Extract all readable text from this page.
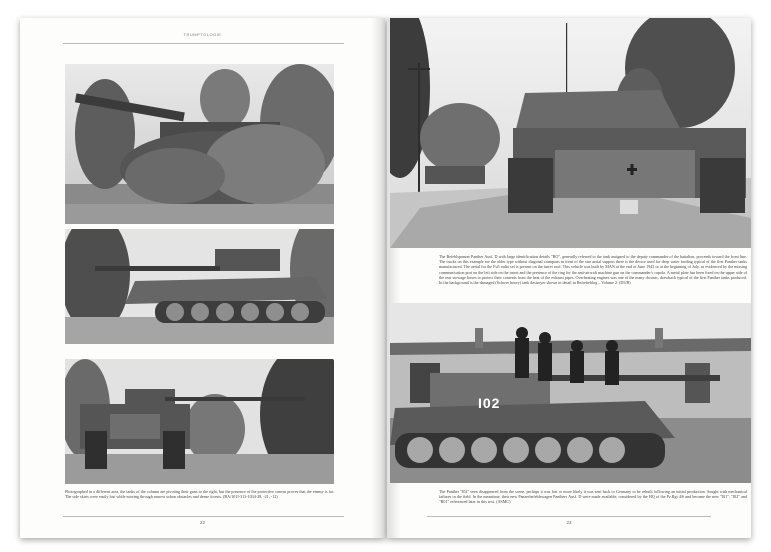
TRUMPTOLOGIE
Photographed in a different area, the tanks of the column are pivoting their guns to the right, but the presence of the protective canvas proves that the enemy is far. The side skirts were easily lost while moving through narrow urban obstacles and dense forests. (BA/101I-313-1034-28, -21, -12)
22
The Befehlspanzer Panther Ausf. D with large identification details "RO", generally referred to the tank assigned to the deputy commander of the battalion, proceeds toward the front line. The tracks on this example are the older type without diagonal crampons in front of the star aerial support there is the device used for deep water fording typical of the first Panther tanks manufactured. The aerial for the Fu5 radio set is present on the turret roof. This vehicle was built by MAN at the end of June 1943 or at the beginning of July, as evidenced by the missing communication port on the left side on the turret and the presence of the ring for the anti-aircraft machine gun on the commander's cupola. A metal plate has been fixed on the upper side of the rear stowage boxes to protect their contents from the heat of the exhaust pipes. Overheating engines was one of the many chronic, drawback typical of the first Panther tanks produced. In the background is the damaged (Schwer heavy) tank destroyer shown in detail in Befreiteblog – Volume 2. (D5/B)
I02
The Panther "I02" seen disappeared from the scene, perhaps it was lost or more likely it was sent back to Germany to be rebuilt following an initial production. Sought with mechanical failures in the field. In the meantime, their new Panzerbefehlswagen Panthers Ausf. D were made available, considered by the HQ of the Pz.Rgt 4/6 and became the new "I01", "I02" and "R01" referenced later in this text. (ASMC)
23
